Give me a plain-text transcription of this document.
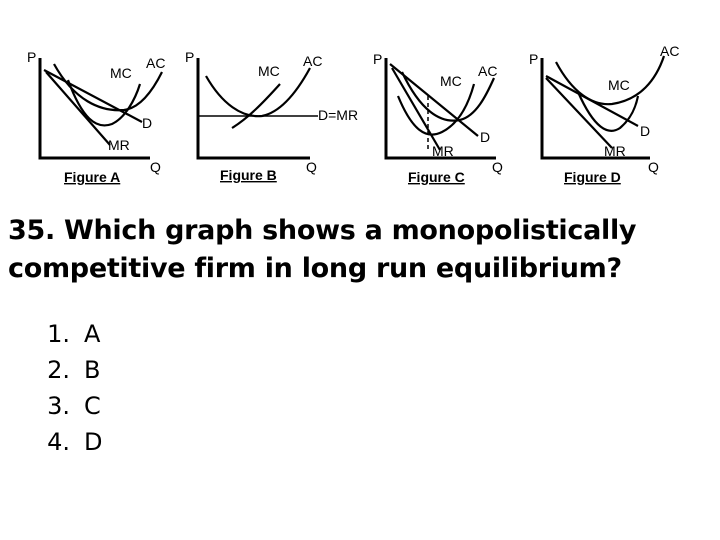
P
MC
AC
D
MR
Q
Figure A
P
MC
AC
D=MR
Q
Figure B
P
MC
AC
D
MR
Q
Figure C
P
MC
AC
D
MR
Q
Figure D

35. Which graph shows a monopolistically competitive firm in long run equilibrium?

1. A
2. B
3. C
4. D
